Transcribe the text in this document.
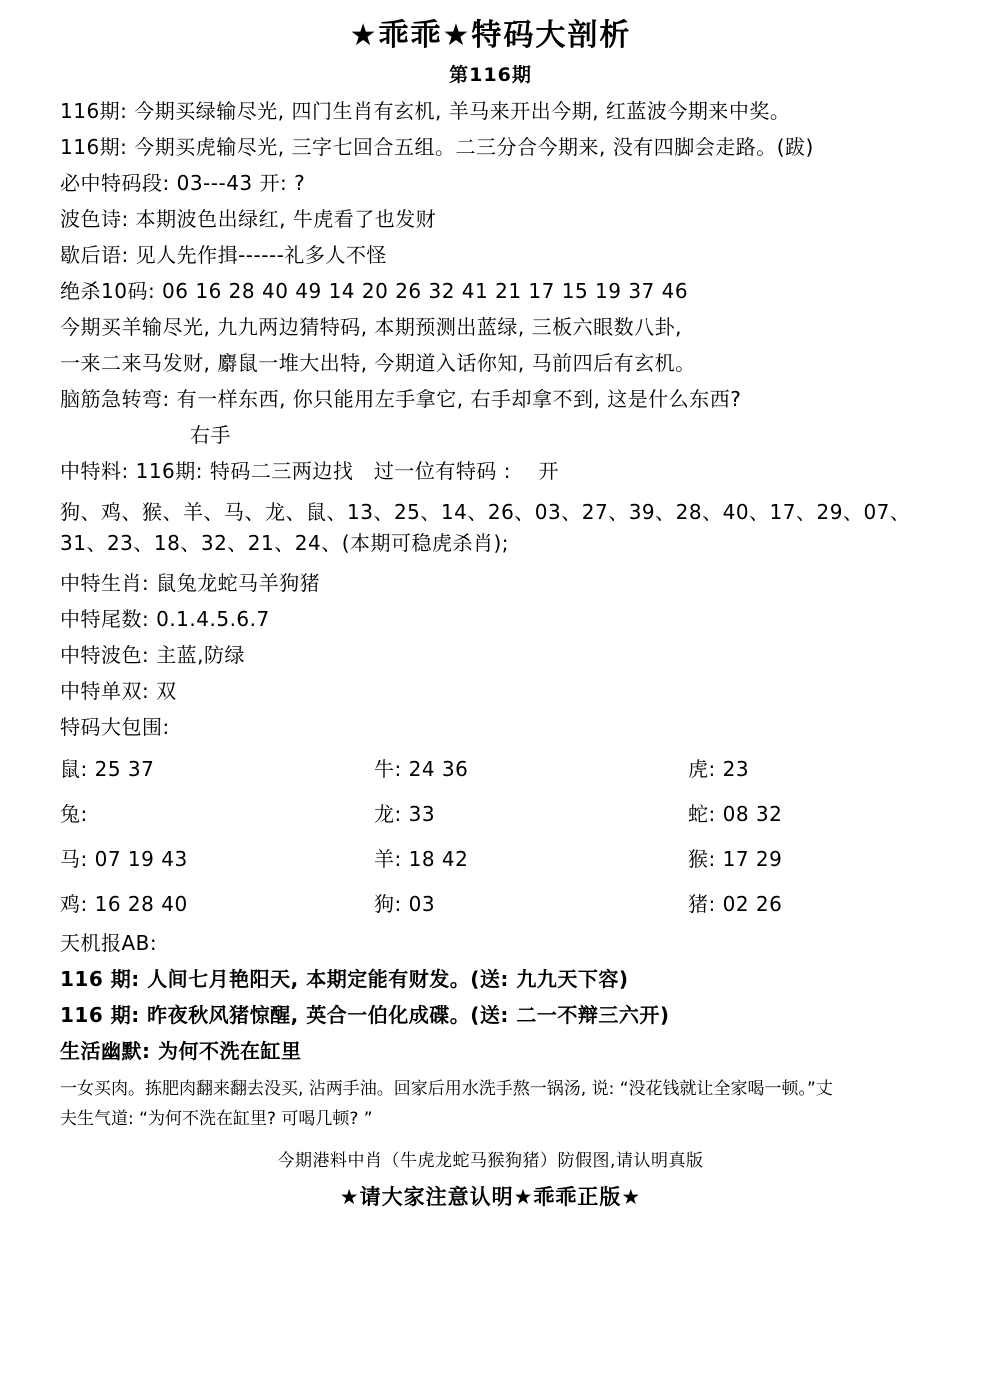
★乖乖★特码大剖析
第116期
116期: 今期买绿输尽光, 四门生肖有玄机, 羊马来开出今期, 红蓝波今期来中奖。
116期: 今期买虎输尽光, 三字七回合五组。二三分合今期来, 没有四脚会走路。(跋)
必中特码段: 03---43 开: ?
波色诗: 本期波色出绿红, 牛虎看了也发财
歇后语: 见人先作揖------礼多人不怪
绝杀10码: 06 16 28 40 49 14 20 26 32 41 21 17 15 19 37 46
今期买羊输尽光, 九九两边猜特码, 本期预测出蓝绿, 三板六眼数八卦,
一来二来马发财, 麝鼠一堆大出特, 今期道入话你知, 马前四后有玄机。
脑筋急转弯: 有一样东西, 你只能用左手拿它, 右手却拿不到, 这是什么东西?
右手
中特料: 116期: 特码二三两边找   过一位有特码 :    开
狗、鸡、猴、羊、马、龙、鼠、13、25、14、26、03、27、39、28、40、17、29、07、31、23、18、32、21、24、(本期可稳虎杀肖);
中特生肖: 鼠兔龙蛇马羊狗猪
中特尾数: 0.1.4.5.6.7
中特波色: 主蓝,防绿
中特单双: 双
特码大包围:
鼠: 25 37	牛: 24 36	虎: 23
兔:	龙: 33	蛇: 08 32
马: 07 19 43	羊: 18 42	猴: 17 29
鸡: 16 28 40	狗: 03	猪: 02 26
天机报AB:
116 期: 人间七月艳阳天, 本期定能有财发。(送: 九九天下容)
116 期: 昨夜秋风猪惊醒, 英合一伯化成碟。(送: 二一不辩三六开)
生活幽默: 为何不洗在缸里
一女买肉。拣肥肉翻来翻去没买, 沾两手油。回家后用水洗手熬一锅汤, 说: “没花钱就让全家喝一顿。”丈
夫生气道: “为何不洗在缸里? 可喝几顿? ”
今期港料中肖（牛虎龙蛇马猴狗猪）防假图,请认明真版
★请大家注意认明★乖乖正版★
